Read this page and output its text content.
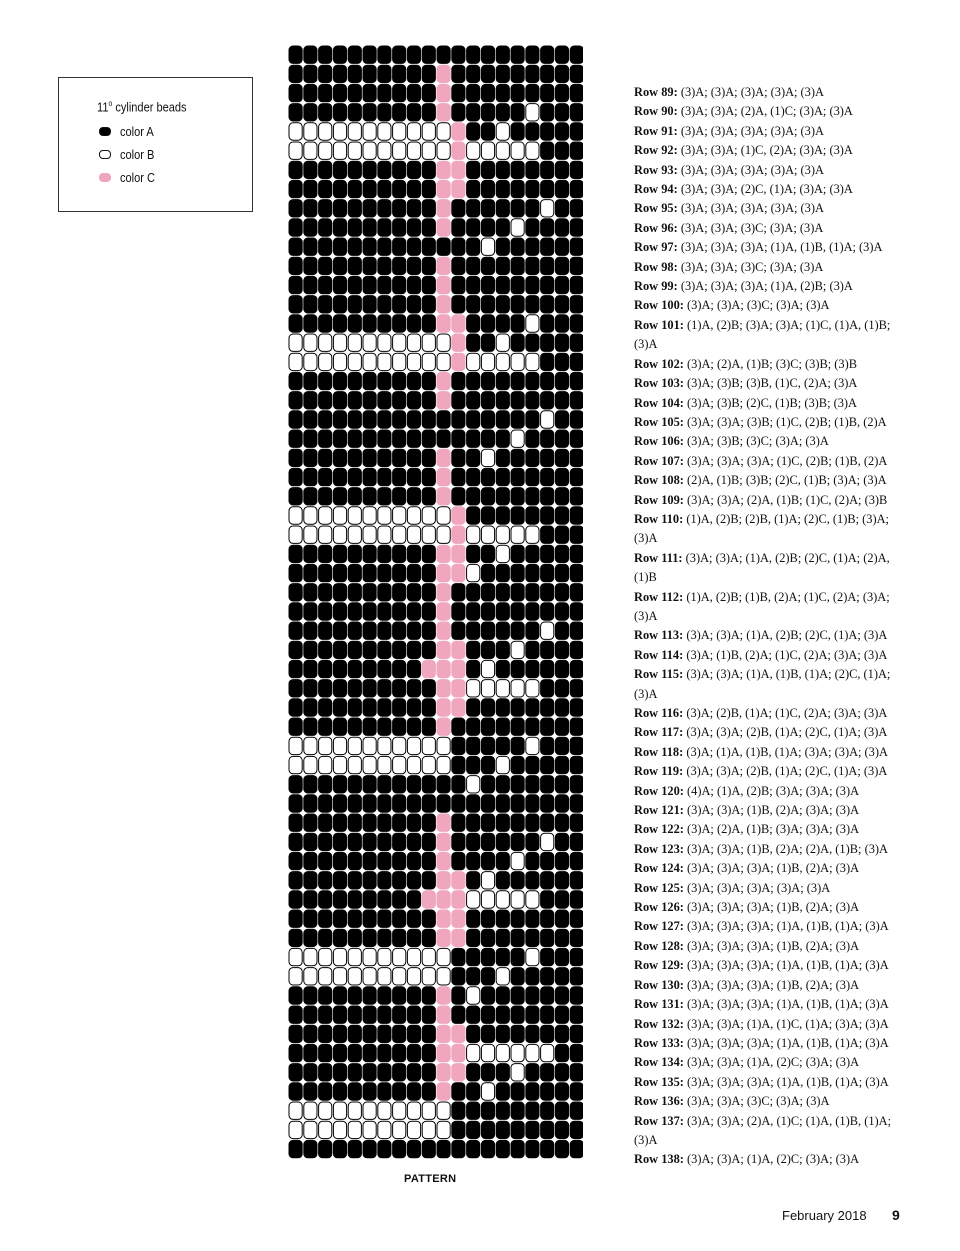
11$^o$ cylinder beads
color A
color B
color C
PATTERN
Row 89: (3)A; (3)A; (3)A; (3)A; (3)A
Row 90: (3)A; (3)A; (2)A, (1)C; (3)A; (3)A
Row 91: (3)A; (3)A; (3)A; (3)A; (3)A
Row 92: (3)A; (3)A; (1)C, (2)A; (3)A; (3)A
Row 93: (3)A; (3)A; (3)A; (3)A; (3)A
Row 94: (3)A; (3)A; (2)C, (1)A; (3)A; (3)A
Row 95: (3)A; (3)A; (3)A; (3)A; (3)A
Row 96: (3)A; (3)A; (3)C; (3)A; (3)A
Row 97: (3)A; (3)A; (3)A; (1)A, (1)B, (1)A; (3)A
Row 98: (3)A; (3)A; (3)C; (3)A; (3)A
Row 99: (3)A; (3)A; (3)A; (1)A, (2)B; (3)A
Row 100: (3)A; (3)A; (3)C; (3)A; (3)A
Row 101: (1)A, (2)B; (3)A; (3)A; (1)C, (1)A, (1)B; (3)A
Row 102: (3)A; (2)A, (1)B; (3)C; (3)B; (3)B
Row 103: (3)A; (3)B; (3)B, (1)C, (2)A; (3)A
Row 104: (3)A; (3)B; (2)C, (1)B; (3)B; (3)A
Row 105: (3)A; (3)A; (3)B; (1)C, (2)B; (1)B, (2)A
Row 106: (3)A; (3)B; (3)C; (3)A; (3)A
Row 107: (3)A; (3)A; (3)A; (1)C, (2)B; (1)B, (2)A
Row 108: (2)A, (1)B; (3)B; (2)C, (1)B; (3)A; (3)A
Row 109: (3)A; (3)A; (2)A, (1)B; (1)C, (2)A; (3)B
Row 110: (1)A, (2)B; (2)B, (1)A; (2)C, (1)B; (3)A; (3)A
Row 111: (3)A; (3)A; (1)A, (2)B; (2)C, (1)A; (2)A, (1)B
Row 112: (1)A, (2)B; (1)B, (2)A; (1)C, (2)A; (3)A; (3)A
Row 113: (3)A; (3)A; (1)A, (2)B; (2)C, (1)A; (3)A
Row 114: (3)A; (1)B, (2)A; (1)C, (2)A; (3)A; (3)A
Row 115: (3)A; (3)A; (1)A, (1)B, (1)A; (2)C, (1)A; (3)A
Row 116: (3)A; (2)B, (1)A; (1)C, (2)A; (3)A; (3)A
Row 117: (3)A; (3)A; (2)B, (1)A; (2)C, (1)A; (3)A
Row 118: (3)A; (1)A, (1)B, (1)A; (3)A; (3)A; (3)A
Row 119: (3)A; (3)A; (2)B, (1)A; (2)C, (1)A; (3)A
Row 120: (4)A; (1)A, (2)B; (3)A; (3)A; (3)A
Row 121: (3)A; (3)A; (1)B, (2)A; (3)A; (3)A
Row 122: (3)A; (2)A, (1)B; (3)A; (3)A; (3)A
Row 123: (3)A; (3)A; (1)B, (2)A; (2)A, (1)B; (3)A
Row 124: (3)A; (3)A; (3)A; (1)B, (2)A; (3)A
Row 125: (3)A; (3)A; (3)A; (3)A; (3)A
Row 126: (3)A; (3)A; (3)A; (1)B, (2)A; (3)A
Row 127: (3)A; (3)A; (3)A; (1)A, (1)B, (1)A; (3)A
Row 128: (3)A; (3)A; (3)A; (1)B, (2)A; (3)A
Row 129: (3)A; (3)A; (3)A; (1)A, (1)B, (1)A; (3)A
Row 130: (3)A; (3)A; (3)A; (1)B, (2)A; (3)A
Row 131: (3)A; (3)A; (3)A; (1)A, (1)B, (1)A; (3)A
Row 132: (3)A; (3)A; (1)A, (1)C, (1)A; (3)A; (3)A
Row 133: (3)A; (3)A; (3)A; (1)A, (1)B, (1)A; (3)A
Row 134: (3)A; (3)A; (1)A, (2)C; (3)A; (3)A
Row 135: (3)A; (3)A; (3)A; (1)A, (1)B, (1)A; (3)A
Row 136: (3)A; (3)A; (3)C; (3)A; (3)A
Row 137: (3)A; (3)A; (2)A, (1)C; (1)A, (1)B, (1)A; (3)A
Row 138: (3)A; (3)A; (1)A, (2)C; (3)A; (3)A
February 2018 9
